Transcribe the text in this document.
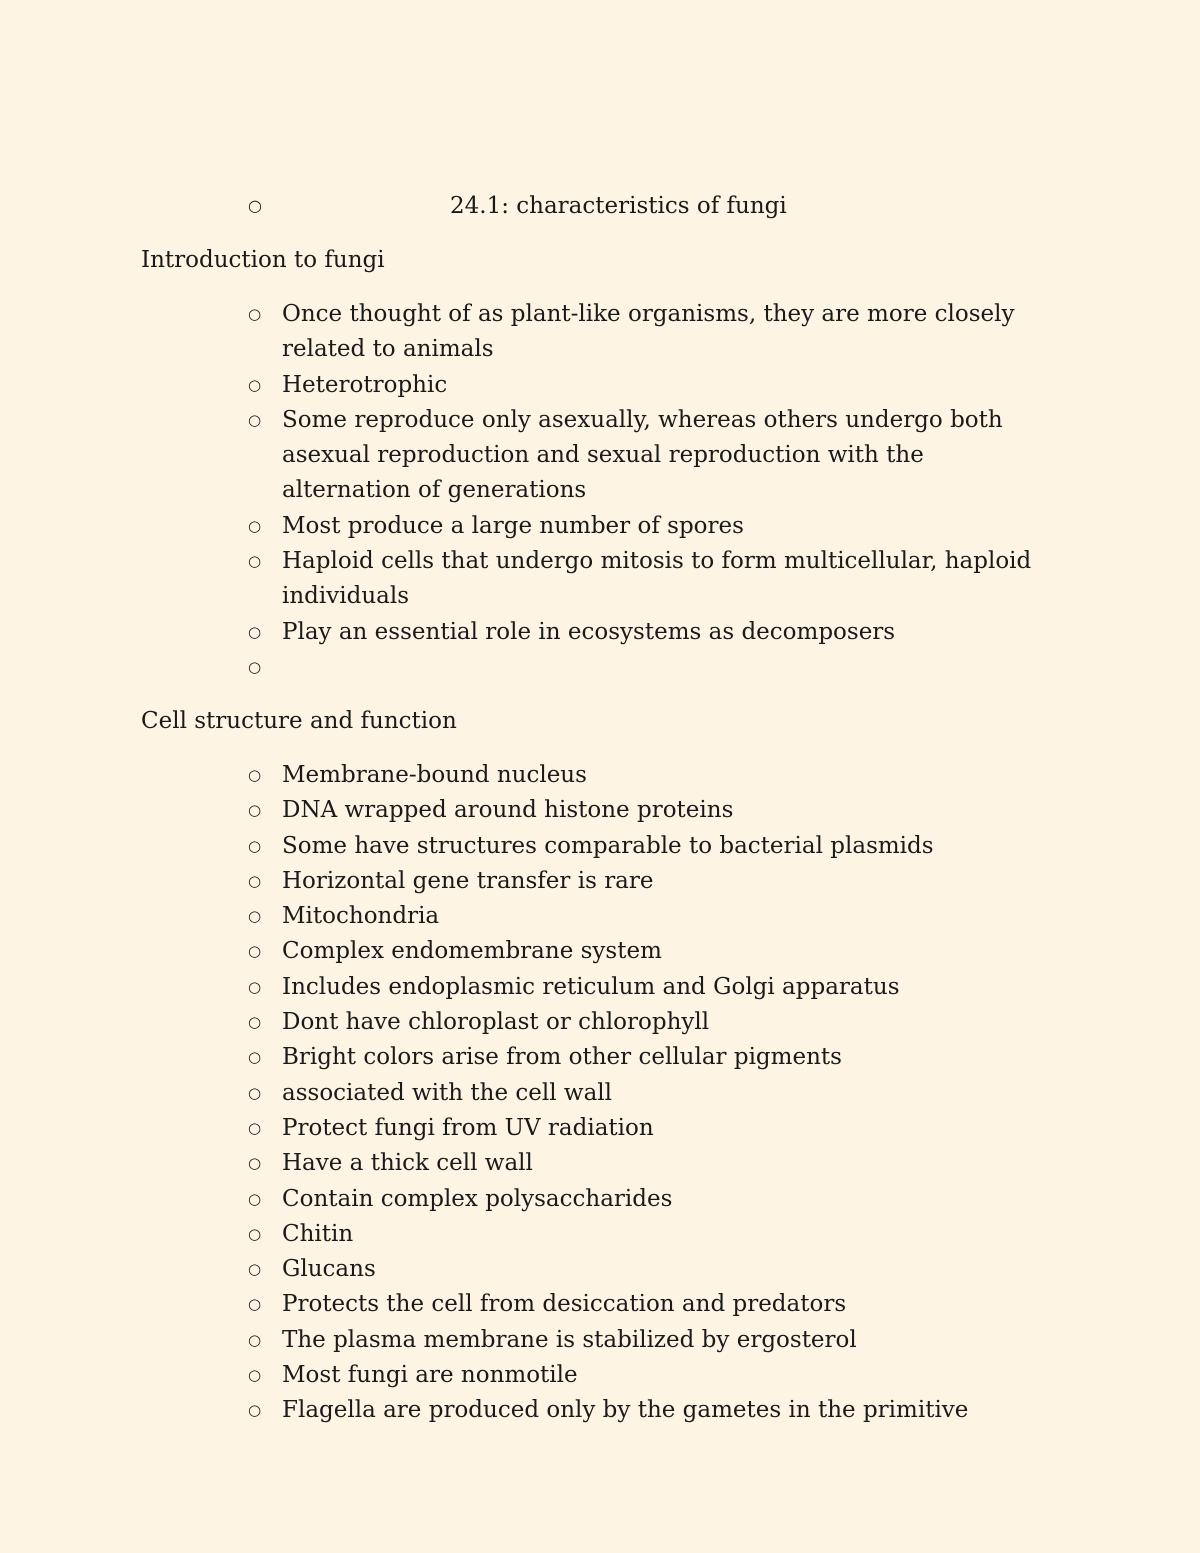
○	24.1: characteristics of fungi
Introduction to fungi
○ Once thought of as plant-like organisms, they are more closely related to animals
○ Heterotrophic
○ Some reproduce only asexually, whereas others undergo both asexual reproduction and sexual reproduction with the alternation of generations
○ Most produce a large number of spores
○ Haploid cells that undergo mitosis to form multicellular, haploid individuals
○ Play an essential role in ecosystems as decomposers
○
Cell structure and function
○ Membrane-bound nucleus
○ DNA wrapped around histone proteins
○ Some have structures comparable to bacterial plasmids
○ Horizontal gene transfer is rare
○ Mitochondria
○ Complex endomembrane system
○ Includes endoplasmic reticulum and Golgi apparatus
○ Dont have chloroplast or chlorophyll
○ Bright colors arise from other cellular pigments
○ associated with the cell wall
○ Protect fungi from UV radiation
○ Have a thick cell wall
○ Contain complex polysaccharides
○ Chitin
○ Glucans
○ Protects the cell from desiccation and predators
○ The plasma membrane is stabilized by ergosterol
○ Most fungi are nonmotile
○ Flagella are produced only by the gametes in the primitive
